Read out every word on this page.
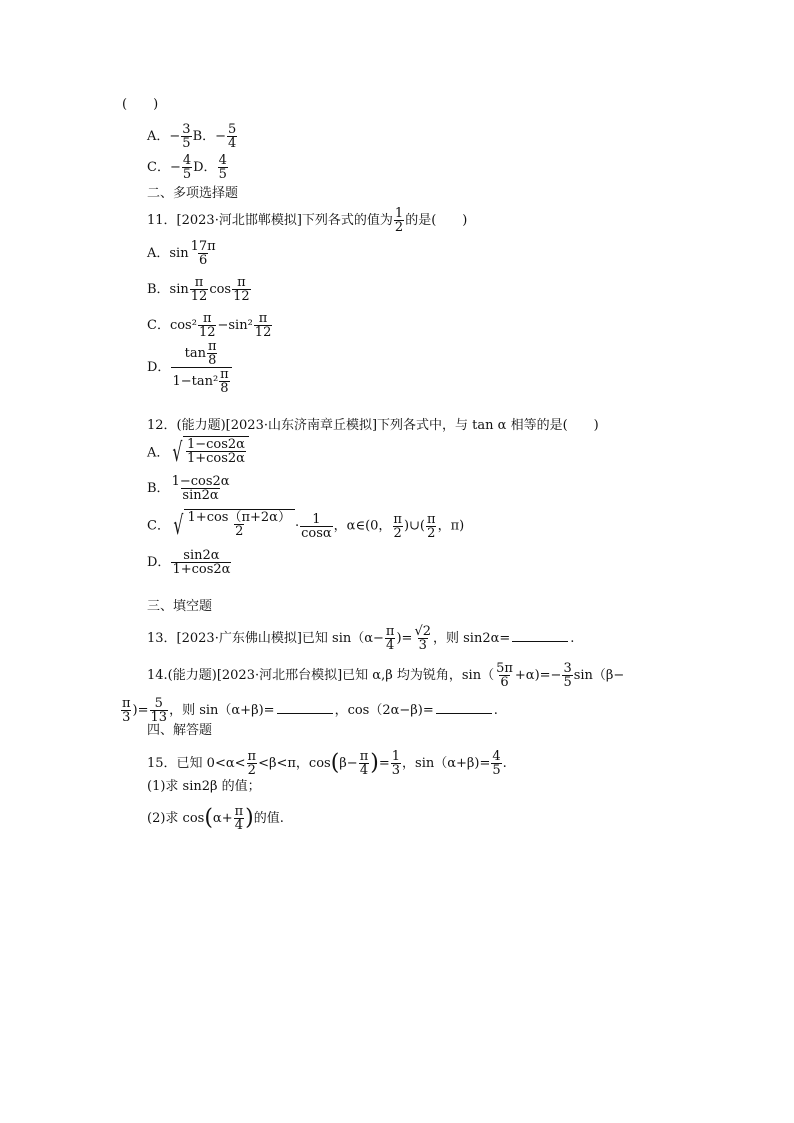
(　　)
A．− $\frac{3}{5}$ B．− $\frac{5}{4}$
C．− $\frac{4}{5}$ D． $\frac{4}{5}$
二、多项选择题
11．[2023·河北邯郸模拟]下列各式的值为 $\frac{1}{2}$ 的是(　　)
A．$\sin \frac{17\pi}{6}$
B．$\sin \frac{\pi}{12}$ $\cos \frac{\pi}{12}$
C．$\cos^2 \frac{\pi}{12} -\sin^2 \frac{\pi}{12}$
D． $\frac{\tan \frac{\pi}{8}}{1-\tan^2 \frac{\pi}{8}}$
12．(能力题)[2023·山东济南章丘模拟]下列各式中，与 tan α 相等的是(　　)
A． √ $\frac{1-\cos 2\alpha}{1+\cos 2\alpha}$
B． $\frac{1-\cos 2\alpha}{\sin 2\alpha}$
C． √ $\frac{1+\cos(\pi+2\alpha)}{2} \cdot \frac{1}{\cos\alpha}$ ，α∈(0， $\frac{\pi}{2}$ )∪( $\frac{\pi}{2}$ ，π)
D． $\frac{\sin 2\alpha}{1+\cos 2\alpha}$
三、填空题
13．[2023·广东佛山模拟]已知 $\sin(\alpha- \frac{\pi}{4}$ )= $\frac{√2}{3}$ ，则 sin2α=	.
14.(能力题)[2023·河北邢台模拟]已知 α,β 均为锐角，$\sin( \frac{5\pi}{6} +\alpha)=- \frac{3}{5} \sin(\beta-$
$\frac{\pi}{3}$ )= $\frac{5}{13}$ ，则 sin（α+β)=	，cos（2α−β)=	.
四、解答题
15．已知 $0<\alpha< \frac{\pi}{2} <\beta<\pi$，$\cos(\beta- \frac{\pi}{4}$ )= $\frac{1}{3}$ ，$\sin(\alpha+\beta)= \frac{4}{5}$ .
(1)求 sin2β 的值；
(2)求 $\cos(\alpha+ \frac{\pi}{4}$ )的值.
